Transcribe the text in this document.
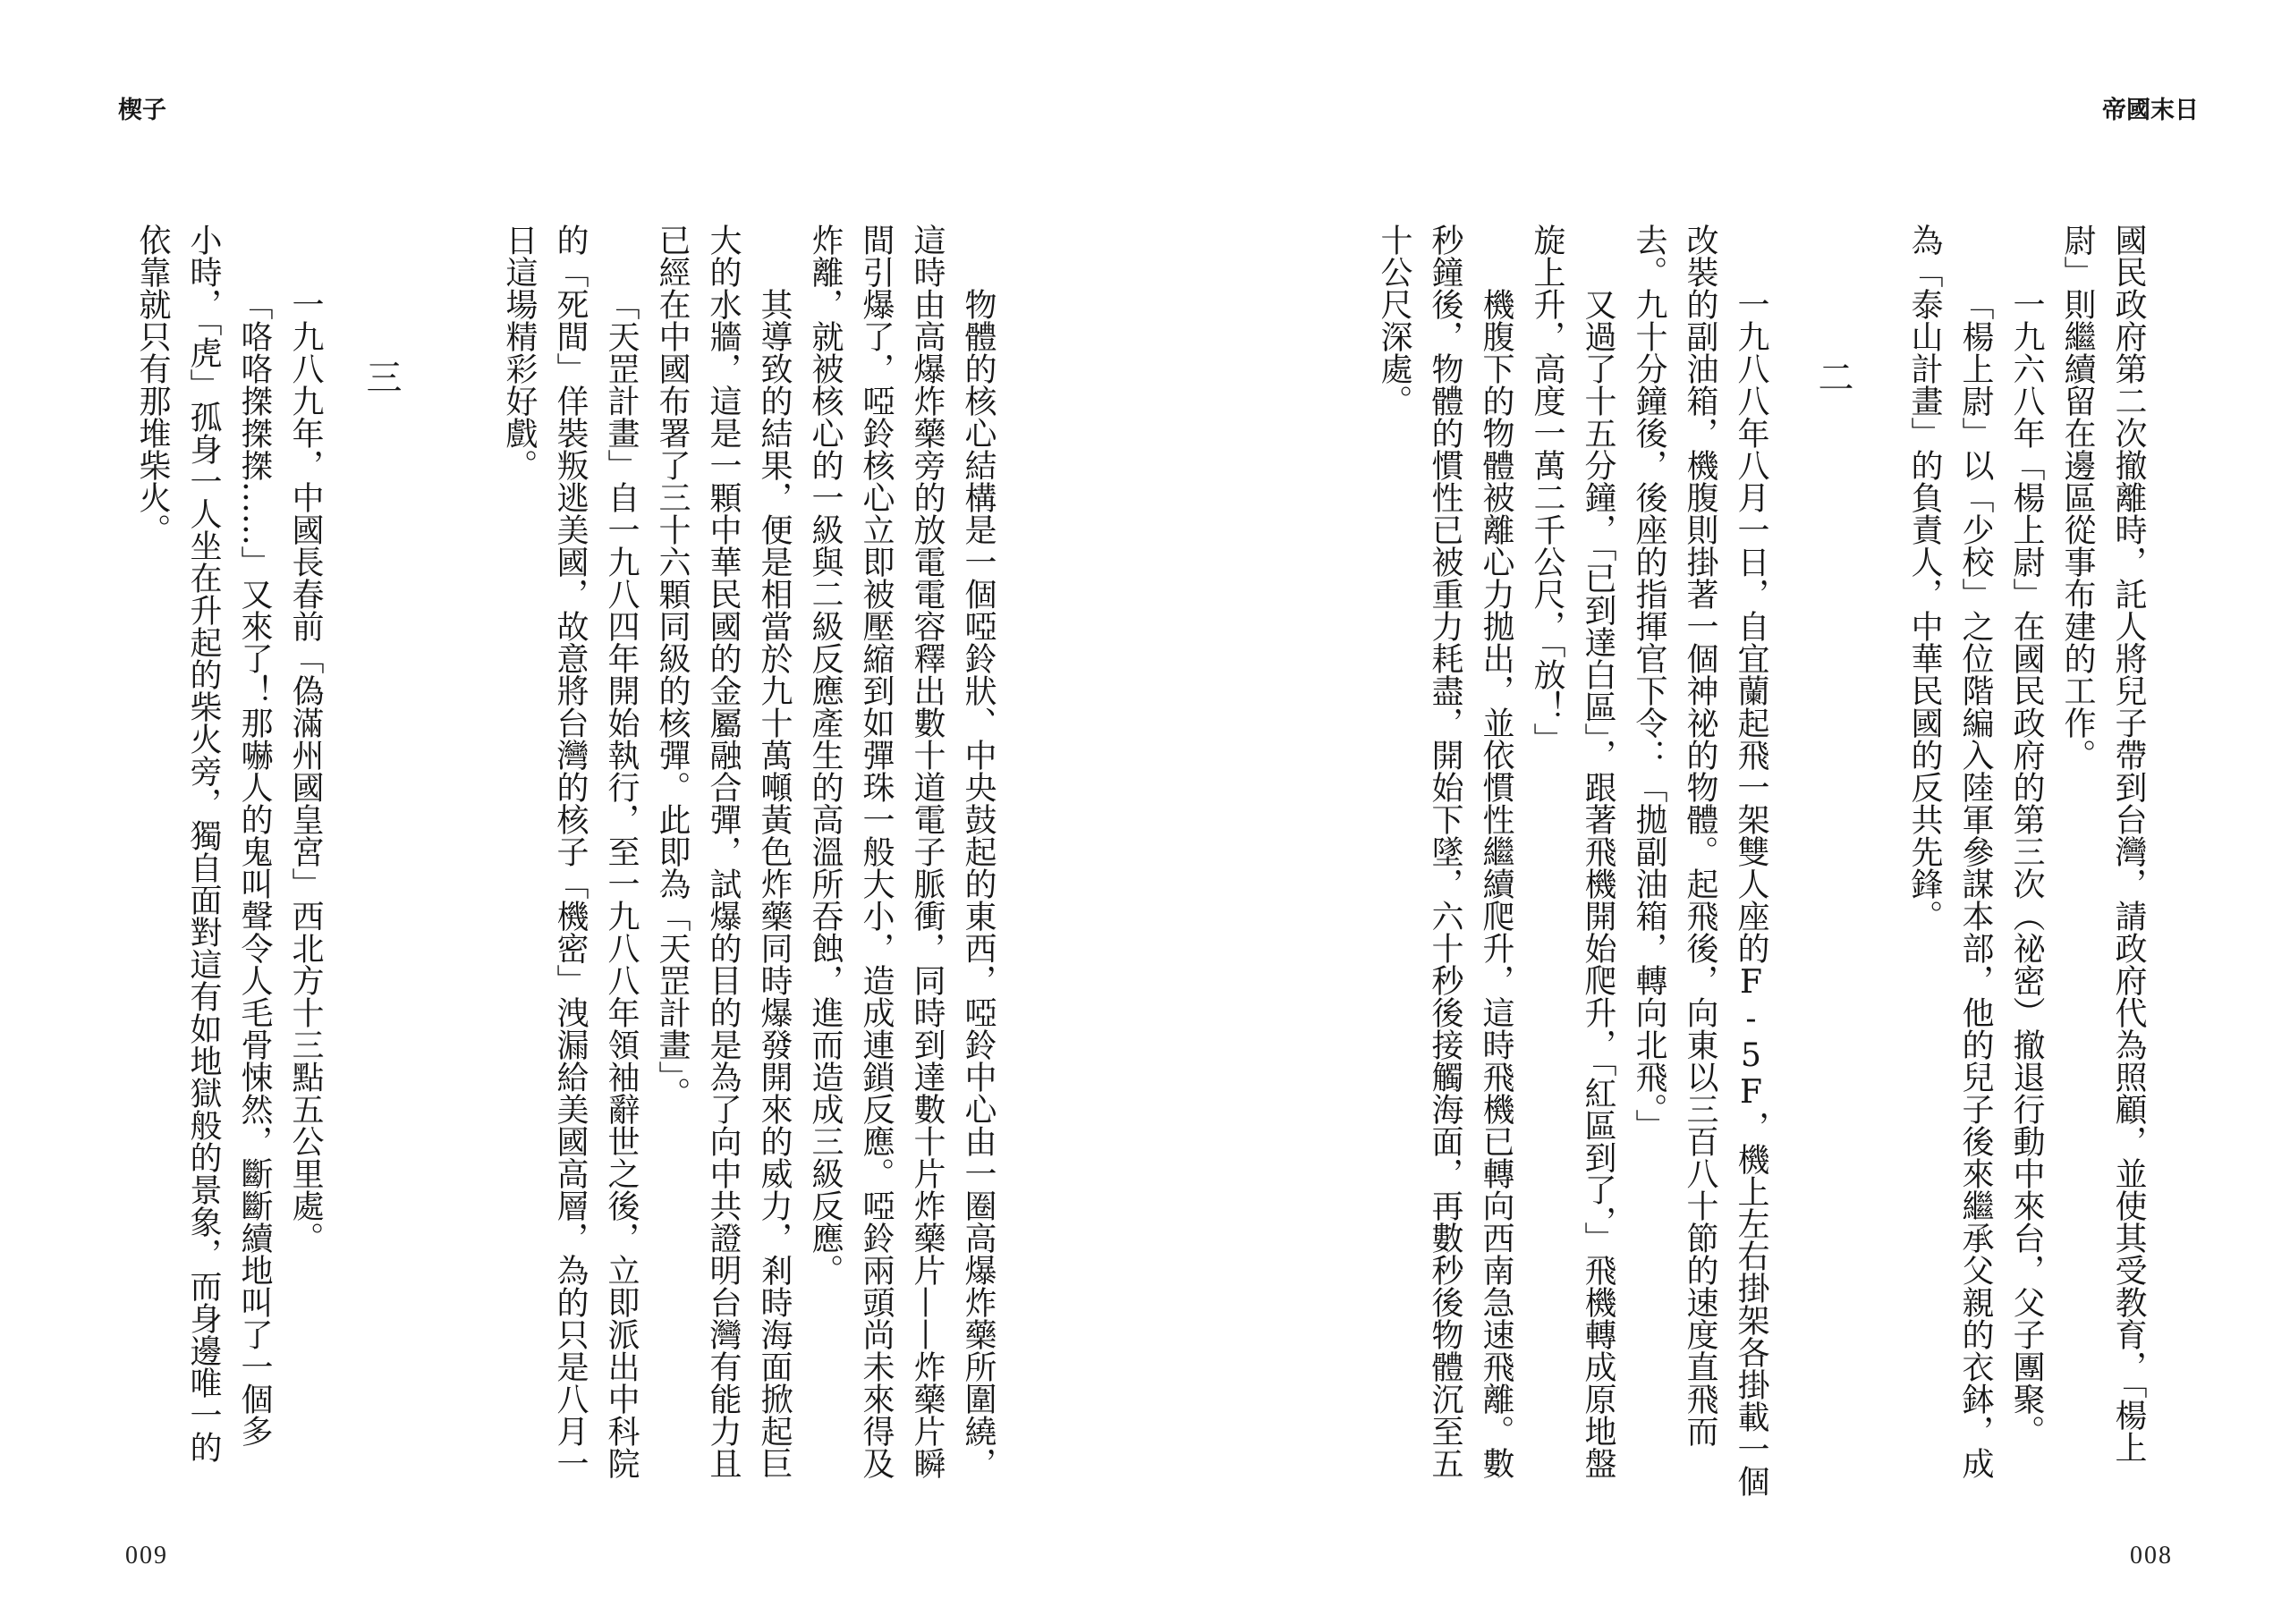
楔子	帝國末日
國民政府第二次撤離時，託人將兒子帶到台灣，請政府代為照顧，並使其受教育，「楊上
尉」則繼續留在邊區從事布建的工作。
一九六八年「楊上尉」在國民政府的第三次（祕密）撤退行動中來台，父子團聚。
「楊上尉」以「少校」之位階編入陸軍參謀本部，他的兒子後來繼承父親的衣鉢，成
為「泰山計畫」的負責人，中華民國的反共先鋒。
二
一九八八年八月一日，自宜蘭起飛一架雙人座的F-5F，機上左右掛架各掛載一個
改裝的副油箱，機腹則掛著一個神祕的物體。起飛後，向東以三百八十節的速度直飛而
去。九十分鐘後，後座的指揮官下令：「拋副油箱，轉向北飛。」
又過了十五分鐘，「已到達白區」，跟著飛機開始爬升，「紅區到了，」飛機轉成原地盤
旋上升，高度一萬二千公尺，「放！」
機腹下的物體被離心力拋出，並依慣性繼續爬升，這時飛機已轉向西南急速飛離。數
秒鐘後，物體的慣性已被重力耗盡，開始下墜，六十秒後接觸海面，再數秒後物體沉至五
十公尺深處。
物體的核心結構是一個啞鈴狀、中央鼓起的東西，啞鈴中心由一圈高爆炸藥所圍繞，
這時由高爆炸藥旁的放電電容釋出數十道電子脈衝，同時到達數十片炸藥片——炸藥片瞬
間引爆了，啞鈴核心立即被壓縮到如彈珠一般大小，造成連鎖反應。啞鈴兩頭尚未來得及
炸離，就被核心的一級與二級反應產生的高溫所吞蝕，進而造成三級反應。
其導致的結果，便是相當於九十萬噸黃色炸藥同時爆發開來的威力，剎時海面掀起巨
大的水牆，這是一顆中華民國的金屬融合彈，試爆的目的是為了向中共證明台灣有能力且
已經在中國布署了三十六顆同級的核彈。此即為「天罡計畫」。
「天罡計畫」自一九八四年開始執行，至一九八八年領袖辭世之後，立即派出中科院
的「死間」佯裝叛逃美國，故意將台灣的核子「機密」洩漏給美國高層，為的只是八月一
日這場精彩好戲。
三
一九八九年，中國長春前「偽滿州國皇宮」西北方十三點五公里處。
「咯咯搩搩搩……」又來了！那嚇人的鬼叫聲令人毛骨悚然，斷斷續地叫了一個多
小時，「虎」孤身一人坐在升起的柴火旁，獨自面對這有如地獄般的景象，而身邊唯一的
依靠就只有那堆柴火。
009	008
